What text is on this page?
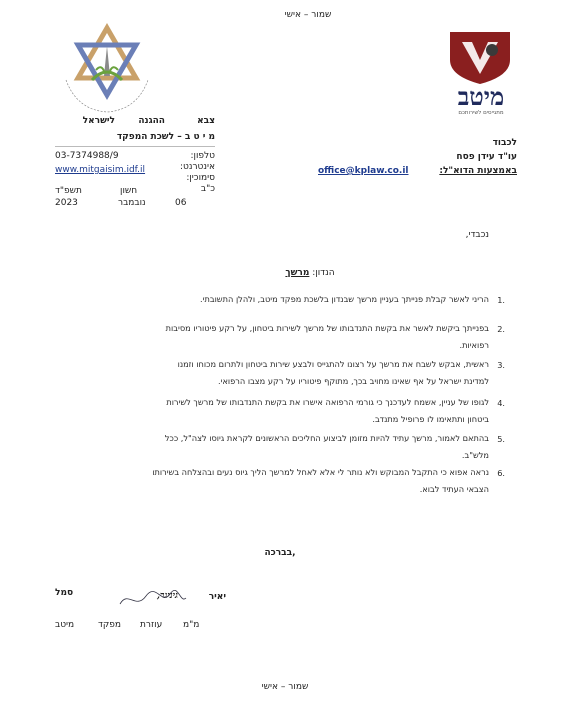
שמור – אישי
מיטב
מתגייסים לשירותכם
צבא
ההגנה
לישראל
מ י ט ב – לשכת המפקד
טלפון:
אינטרנט:
סימוכין:
כ"ב
03-7374988/9
www.mitgaisim.idf.il
חשון
תשפ"ד
06
נובמבר
2023
לכבוד
עו"ד עידן פסח
באמצעות הדוא"ל:
office@kplaw.co.il
נכבדי,
הנדון: מרשך
1.
הריני לאשר קבלת פנייתך בעניין מרשך שבנדון בלשכת מפקד מיטב, ולהלן התשובתי.
2.
בפנייתך ביקשת לאשר את בקשת התנדבותו של מרשך לשירות ביטחון, על רקע פיטוריו מסיבות
רפואיות.
3.
ראשית, אבקש לשבח את מרשך על רצונו להתגייס ולבצע שירות ביטחון ולתרום מכוחו וזמנו
למדינת ישראל על אף שאינו מחויב בכך, מתוקף פיטוריו על רקע מצבו הרפואי.
4.
לגופו של עניין, אשמח לעדכנך כי גורמי הרפואה אישרו את בקשת התנדבותו של מרשך לשירות
ביטחון ותתאימו לו פרופיל מתנדב.
5.
בהתאם לאמור, מרשך עתיד להיות מזומן לביצוע החליכים הראשונים לקראת גיוסו לצה"ל, ככל
מלש"ב.
6.
נראה אפוא כי התקבל המבוקש ולא נותר לי אלא לאחל למרשך הליך גיוס נעים ובהצלחה בשירותו
הצבאי העתיד לבוא.
בברכה,
יאיר
גיניגר,
סמל
מ"מ
עוזרת
מפקד
מיטב
שמור – אישי
